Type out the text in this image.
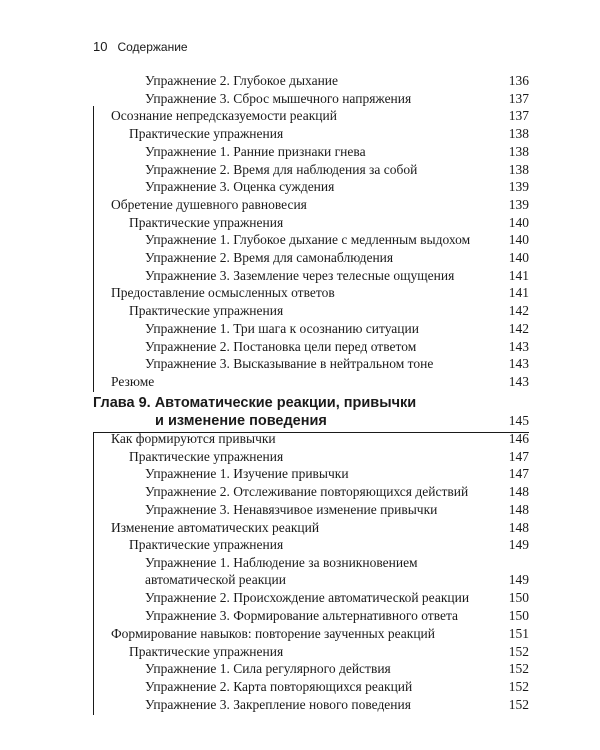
10 Содержание
Упражнение 2. Глубокое дыхание	136
Упражнение 3. Сброс мышечного напряжения	137
Осознание непредсказуемости реакций	137
Практические упражнения	138
Упражнение 1. Ранние признаки гнева	138
Упражнение 2. Время для наблюдения за собой	138
Упражнение 3. Оценка суждения	139
Обретение душевного равновесия	139
Практические упражнения	140
Упражнение 1. Глубокое дыхание с медленным выдохом	140
Упражнение 2. Время для самонаблюдения	140
Упражнение 3. Заземление через телесные ощущения	141
Предоставление осмысленных ответов	141
Практические упражнения	142
Упражнение 1. Три шага к осознанию ситуации	142
Упражнение 2. Постановка цели перед ответом	143
Упражнение 3. Высказывание в нейтральном тоне	143
Резюме	143
Глава 9. Автоматические реакции, привычки
и изменение поведения	145
Как формируются привычки	146
Практические упражнения	147
Упражнение 1. Изучение привычки	147
Упражнение 2. Отслеживание повторяющихся действий	148
Упражнение 3. Ненавязчивое изменение привычки	148
Изменение автоматических реакций	148
Практические упражнения	149
Упражнение 1. Наблюдение за возникновением автоматической реакции	149
Упражнение 2. Происхождение автоматической реакции	150
Упражнение 3. Формирование альтернативного ответа	150
Формирование навыков: повторение заученных реакций	151
Практические упражнения	152
Упражнение 1. Сила регулярного действия	152
Упражнение 2. Карта повторяющихся реакций	152
Упражнение 3. Закрепление нового поведения	152
